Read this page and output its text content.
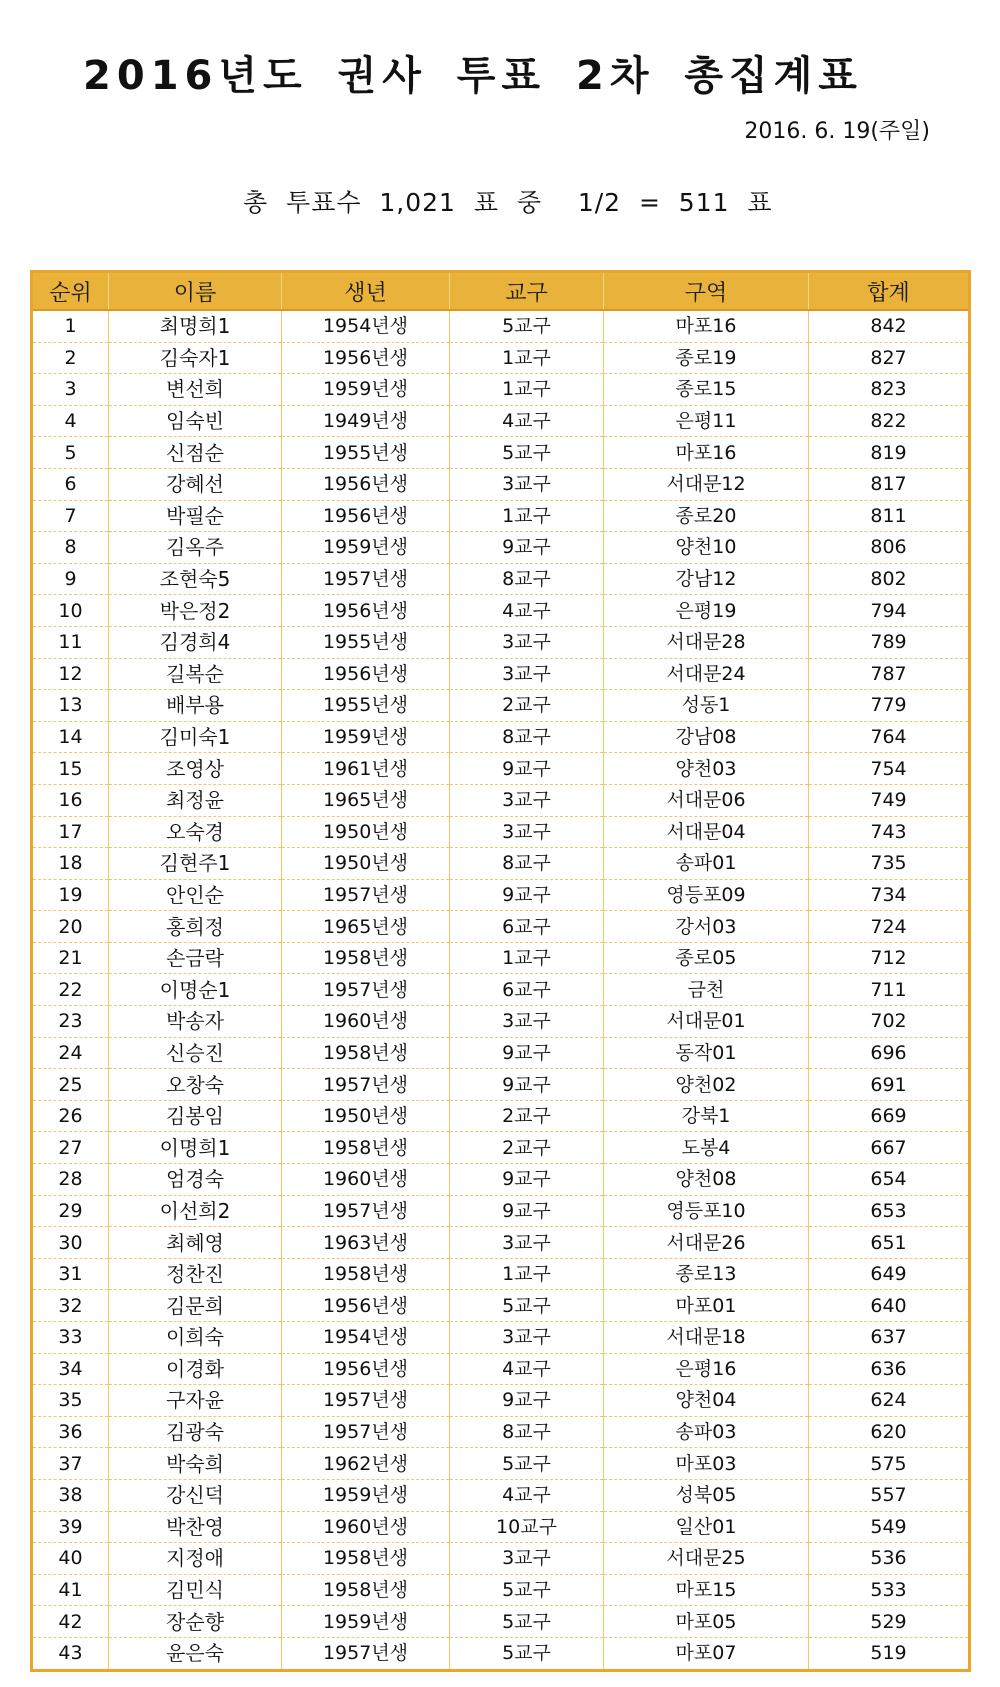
2016년도 권사 투표 2차 총집계표

2016. 6. 19(주일)

총  투표수  1,021  표  중    1/2  =  511  표

순위	이름	생년	교구	구역	합계
1	최명희1	1954년생	5교구	마포16	842
2	김숙자1	1956년생	1교구	종로19	827
3	변선희	1959년생	1교구	종로15	823
4	임숙빈	1949년생	4교구	은평11	822
5	신점순	1955년생	5교구	마포16	819
6	강혜선	1956년생	3교구	서대문12	817
7	박필순	1956년생	1교구	종로20	811
8	김옥주	1959년생	9교구	양천10	806
9	조현숙5	1957년생	8교구	강남12	802
10	박은정2	1956년생	4교구	은평19	794
11	김경희4	1955년생	3교구	서대문28	789
12	길복순	1956년생	3교구	서대문24	787
13	배부용	1955년생	2교구	성동1	779
14	김미숙1	1959년생	8교구	강남08	764
15	조영상	1961년생	9교구	양천03	754
16	최정윤	1965년생	3교구	서대문06	749
17	오숙경	1950년생	3교구	서대문04	743
18	김현주1	1950년생	8교구	송파01	735
19	안인순	1957년생	9교구	영등포09	734
20	홍희정	1965년생	6교구	강서03	724
21	손금락	1958년생	1교구	종로05	712
22	이명순1	1957년생	6교구	금천	711
23	박송자	1960년생	3교구	서대문01	702
24	신승진	1958년생	9교구	동작01	696
25	오창숙	1957년생	9교구	양천02	691
26	김봉임	1950년생	2교구	강북1	669
27	이명희1	1958년생	2교구	도봉4	667
28	엄경숙	1960년생	9교구	양천08	654
29	이선희2	1957년생	9교구	영등포10	653
30	최혜영	1963년생	3교구	서대문26	651
31	정찬진	1958년생	1교구	종로13	649
32	김문희	1956년생	5교구	마포01	640
33	이희숙	1954년생	3교구	서대문18	637
34	이경화	1956년생	4교구	은평16	636
35	구자윤	1957년생	9교구	양천04	624
36	김광숙	1957년생	8교구	송파03	620
37	박숙희	1962년생	5교구	마포03	575
38	강신덕	1959년생	4교구	성북05	557
39	박찬영	1960년생	10교구	일산01	549
40	지정애	1958년생	3교구	서대문25	536
41	김민식	1958년생	5교구	마포15	533
42	장순향	1959년생	5교구	마포05	529
43	윤은숙	1957년생	5교구	마포07	519
